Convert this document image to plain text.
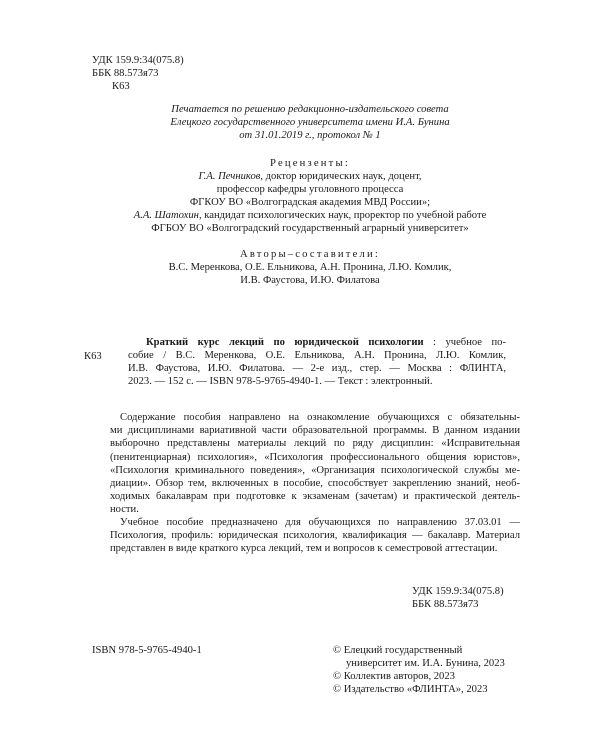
УДК 159.9:34(075.8)
ББК 88.573я73
К63
Печатается по решению редакционно-издательского совета
Елецкого государственного университета имени И.А. Бунина
от 31.01.2019 г., протокол № 1
Рецензенты:
Г.А. Печников, доктор юридических наук, доцент,
профессор кафедры уголовного процесса
ФГКОУ ВО «Волгоградская академия МВД России»;
А.А. Шатохин, кандидат психологических наук, проректор по учебной работе
ФГБОУ ВО «Волгоградский государственный аграрный университет»
Авторы–составители:
В.С. Меренкова, О.Е. Ельникова, А.Н. Пронина, Л.Ю. Комлик,
И.В. Фаустова, И.Ю. Филатова
К63
Краткий курс лекций по юридической психологии : учебное по-
собие / В.С. Меренкова, О.Е. Ельникова, А.Н. Пронина, Л.Ю. Комлик,
И.В. Фаустова, И.Ю. Филатова. — 2-е изд., стер. — Москва : ФЛИНТА,
2023. — 152 с. — ISBN 978-5-9765-4940-1. — Текст : электронный.
Содержание пособия направлено на ознакомление обучающихся с обязательны-
ми дисциплинами вариативной части образовательной программы. В данном издании
выборочно представлены материалы лекций по ряду дисциплин: «Исправительная
(пенитенциарная) психология», «Психология профессионального общения юристов»,
«Психология криминального поведения», «Организация психологической службы ме-
диации». Обзор тем, включенных в пособие, способствует закреплению знаний, необ-
ходимых бакалаврам при подготовке к экзаменам (зачетам) и практической деятель-
ности.
Учебное пособие предназначено для обучающихся по направлению 37.03.01 —
Психология, профиль: юридическая психология, квалификация — бакалавр. Материал
представлен в виде краткого курса лекций, тем и вопросов к семестровой аттестации.
УДК 159.9:34(075.8)
ББК 88.573я73
ISBN 978-5-9765-4940-1	© Елецкий государственный
университет им. И.А. Бунина, 2023
© Коллектив авторов, 2023
© Издательство «ФЛИНТА», 2023
